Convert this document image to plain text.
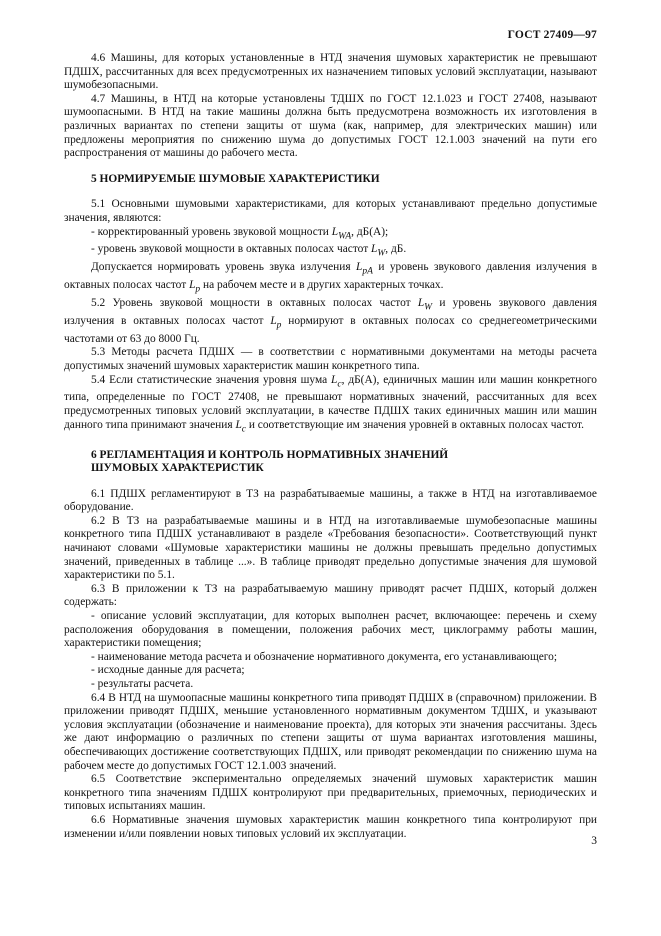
ГОСТ 27409—97

4.6 Машины, для которых установленные в НТД значения шумовых характеристик не превышают ПДШХ, рассчитанных для всех предусмотренных их назначением типовых условий эксплуатации, называют шумобезопасными.

4.7 Машины, в НТД на которые установлены ТДШХ по ГОСТ 12.1.023 и ГОСТ 27408, называют шумоопасными. В НТД на такие машины должна быть предусмотрена возможность их изготовления в различных вариантах по степени защиты от шума (как, например, для электрических машин) или предложены мероприятия по снижению шума до допустимых ГОСТ 12.1.003 значений на пути его распространения от машины до рабочего места.

5 НОРМИРУЕМЫЕ ШУМОВЫЕ ХАРАКТЕРИСТИКИ

5.1 Основными шумовыми характеристиками, для которых устанавливают предельно допустимые значения, являются:

- корректированный уровень звуковой мощности $L_{WA}$, дБ(А);

- уровень звуковой мощности в октавных полосах частот $L_W$, дБ.

Допускается нормировать уровень звука излучения $L_{pA}$ и уровень звукового давления излучения в октавных полосах частот $L_p$ на рабочем месте и в других характерных точках.

5.2 Уровень звуковой мощности в октавных полосах частот $L_W$ и уровень звукового давления излучения в октавных полосах частот $L_p$ нормируют в октавных полосах со среднегеометрическими частотами от 63 до 8000 Гц.

5.3 Методы расчета ПДШХ — в соответствии с нормативными документами на методы расчета допустимых значений шумовых характеристик машин конкретного типа.

5.4 Если статистические значения уровня шума $L_c$, дБ(А), единичных машин или машин конкретного типа, определенные по ГОСТ 27408, не превышают нормативных значений, рассчитанных для всех предусмотренных типовых условий эксплуатации, в качестве ПДШХ таких единичных машин или машин данного типа принимают значения $L_c$ и соответствующие им значения уровней в октавных полосах частот.

6 РЕГЛАМЕНТАЦИЯ И КОНТРОЛЬ НОРМАТИВНЫХ ЗНАЧЕНИЙ
ШУМОВЫХ ХАРАКТЕРИСТИК

6.1 ПДШХ регламентируют в ТЗ на разрабатываемые машины, а также в НТД на изготавливаемое оборудование.

6.2 В ТЗ на разрабатываемые машины и в НТД на изготавливаемые шумобезопасные машины конкретного типа ПДШХ устанавливают в разделе «Требования безопасности». Соответствующий пункт начинают словами «Шумовые характеристики машины не должны превышать предельно допустимых значений, приведенных в таблице ...». В таблице приводят предельно допустимые значения для шумовой характеристики по 5.1.

6.3 В приложении к ТЗ на разрабатываемую машину приводят расчет ПДШХ, который должен содержать:

- описание условий эксплуатации, для которых выполнен расчет, включающее: перечень и схему расположения оборудования в помещении, положения рабочих мест, циклограмму работы машин, характеристики помещения;

- наименование метода расчета и обозначение нормативного документа, его устанавливающего;

- исходные данные для расчета;

- результаты расчета.

6.4 В НТД на шумоопасные машины конкретного типа приводят ПДШХ в (справочном) приложении. В приложении приводят ПДШХ, меньшие установленного нормативным документом ТДШХ, и указывают условия эксплуатации (обозначение и наименование проекта), для которых эти значения рассчитаны. Здесь же дают информацию о различных по степени защиты от шума вариантах изготовления машины, обеспечивающих достижение соответствующих ПДШХ, или приводят рекомендации по снижению шума на рабочем месте до допустимых ГОСТ 12.1.003 значений.

6.5 Соответствие экспериментально определяемых значений шумовых характеристик машин конкретного типа значениям ПДШХ контролируют при предварительных, приемочных, периодических и типовых испытаниях машин.

6.6 Нормативные значения шумовых характеристик машин конкретного типа контролируют при изменении и/или появлении новых типовых условий их эксплуатации.

3
